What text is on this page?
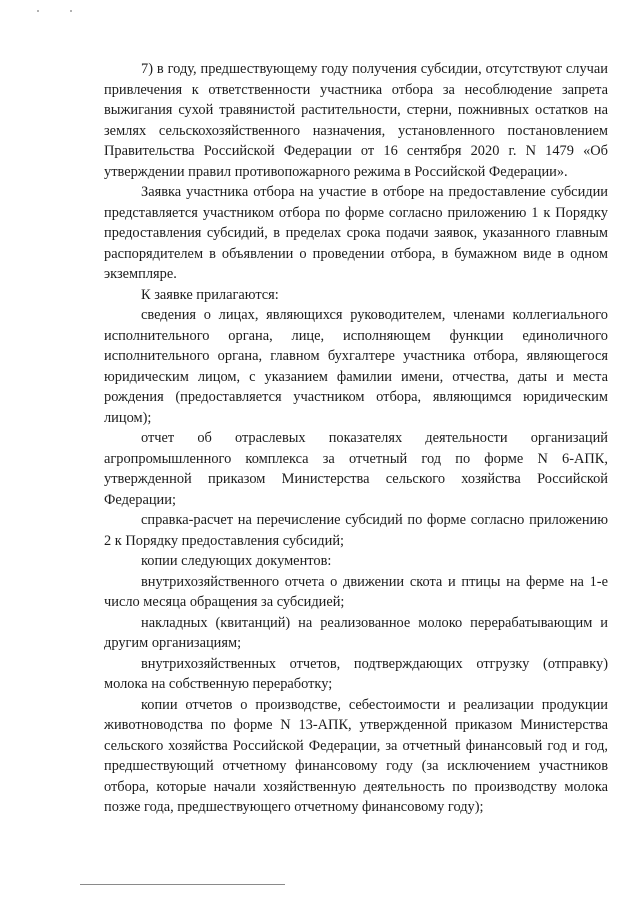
7) в году, предшествующему году получения субсидии, отсутствуют случаи привлечения к ответственности участника отбора за несоблюдение запрета выжигания сухой травянистой растительности, стерни, пожнивных остатков на землях сельскохозяйственного назначения, установленного постановлением Правительства Российской Федерации от 16 сентября 2020 г. N 1479 «Об утверждении правил противопожарного режима в Российской Федерации».

Заявка участника отбора на участие в отборе на предоставление субсидии представляется участником отбора по форме согласно приложению 1 к Порядку предоставления субсидий, в пределах срока подачи заявок, указанного главным распорядителем в объявлении о проведении отбора, в бумажном виде в одном экземпляре.

К заявке прилагаются:

сведения о лицах, являющихся руководителем, членами коллегиального исполнительного органа, лице, исполняющем функции единоличного исполнительного органа, главном бухгалтере участника отбора, являющегося юридическим лицом, с указанием фамилии имени, отчества, даты и места рождения (предоставляется участником отбора, являющимся юридическим лицом);

отчет об отраслевых показателях деятельности организаций агропромышленного комплекса за отчетный год по форме N 6-АПК, утвержденной приказом Министерства сельского хозяйства Российской Федерации;

справка-расчет на перечисление субсидий по форме согласно приложению 2 к Порядку предоставления субсидий;

копии следующих документов:

внутрихозяйственного отчета о движении скота и птицы на ферме на 1-е число месяца обращения за субсидией;

накладных (квитанций) на реализованное молоко перерабатывающим и другим организациям;

внутрихозяйственных отчетов, подтверждающих отгрузку (отправку) молока на собственную переработку;

копии отчетов о производстве, себестоимости и реализации продукции животноводства по форме N 13-АПК, утвержденной приказом Министерства сельского хозяйства Российской Федерации, за отчетный финансовый год и год, предшествующий отчетному финансовому году (за исключением участников отбора, которые начали хозяйственную деятельность по производству молока позже года, предшествующего отчетному финансовому году);
